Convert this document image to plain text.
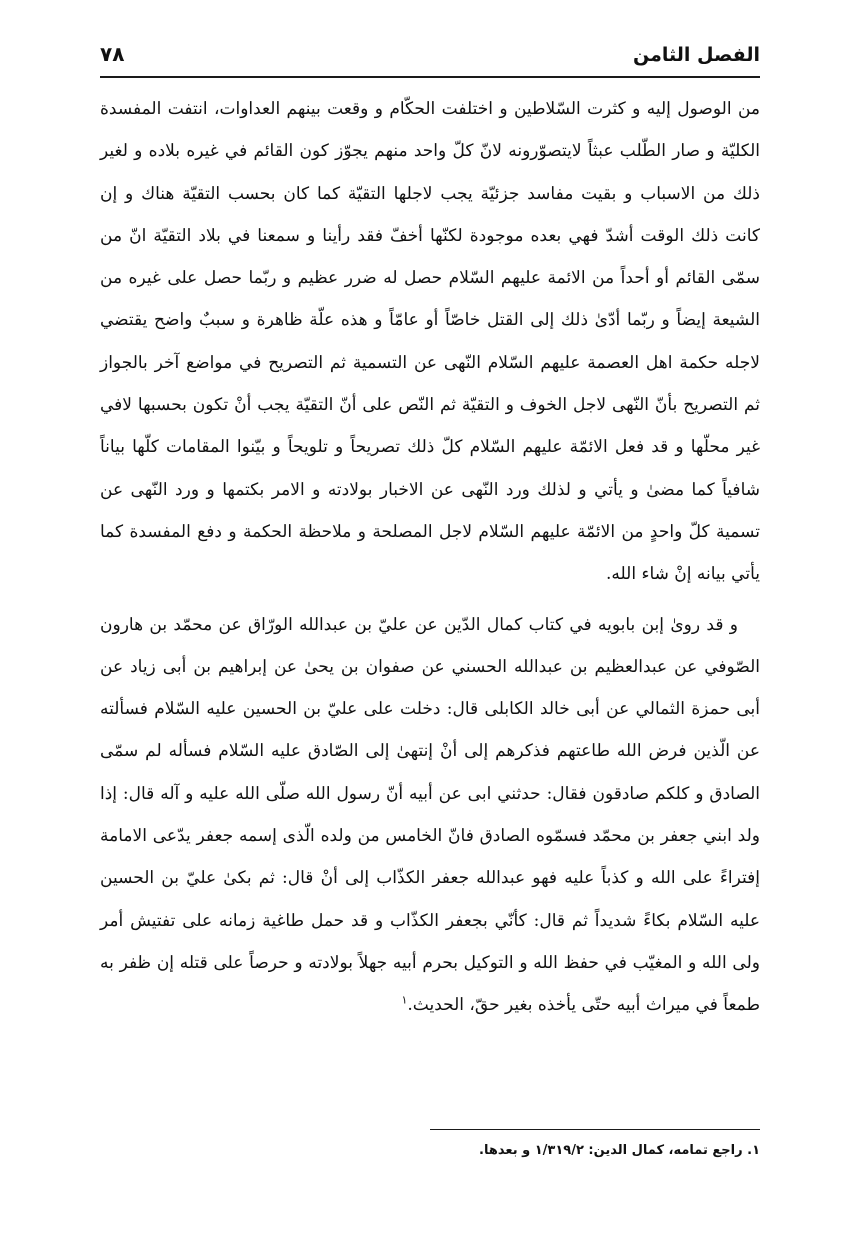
الفصل الثامن
٧٨

من الوصول إليه و كثرت السّلاطين و اختلفت الحكّام و وقعت بينهم العداوات، انتفت المفسدة الكليّة و صار الطّلب عبثاً لايتصوّرونه لانّ كلّ واحد منهم يجوّز كون القائم في غيره بلاده و لغير ذلك من الاسباب و بقيت مفاسد جزئيّة يجب لاجلها التقيّة كما كان بحسب التقيّة هناك و إن كانت ذلك الوقت أشدّ فهي بعده موجودة لكنّها أخفّ فقد رأينا و سمعنا في بلاد التقيّة انّ من سمّى القائم أو أحداً من الائمة عليهم السّلام حصل له ضرر عظيم و ربّما حصل على غيره من الشيعة إيضاً و ربّما أدّىٰ ذلك إلى القتل خاصّاً أو عامّاً و هذه علّة ظاهرة و سببٌ واضح يقتضي لاجله حكمة اهل العصمة عليهم السّلام النّهى عن التسمية ثم التصريح في مواضع آخر بالجواز ثم التصريح بأنّ النّهى لاجل الخوف و التقيّة ثم النّص على أنّ التقيّة يجب أنْ تكون بحسبها لافي غير محلّها و قد فعل الائمّة عليهم السّلام كلّ ذلك تصريحاً و تلويحاً و بيّنوا المقامات كلّها بياناً شافياً كما مضىٰ و يأتي و لذلك ورد النّهى عن الاخبار بولادته و الامر بكتمها و ورد النّهى عن تسمية كلّ واحدٍ من الائمّة عليهم السّلام لاجل المصلحة و ملاحظة الحكمة و دفع المفسدة كما يأتي بيانه إنْ شاء الله.

و قد روىٰ إبن بابويه في كتاب كمال الدّين عن عليّ بن عبدالله الورّاق عن محمّد بن هارون الصّوفي عن عبدالعظيم بن عبدالله الحسني عن صفوان بن يحىٰ عن إبراهيم بن أبى زياد عن أبى حمزة الثمالي عن أبى خالد الكابلى قال: دخلت على عليّ بن الحسين عليه السّلام فسألته عن الّذين فرض الله طاعتهم فذكرهم إلى أنْ إنتهىٰ إلى الصّادق عليه السّلام فسأله لم سمّى الصادق و كلكم صادقون فقال: حدثني ابى عن أبيه أنّ رسول الله صلّى الله عليه و آله قال: إذا ولد ابني جعفر بن محمّد فسمّوه الصادق فانّ الخامس من ولده الّذى إسمه جعفر يدّعى الامامة إفتراءً على الله و كذباً عليه فهو عبدالله جعفر الكذّاب إلى أنْ قال: ثم بكىٰ عليّ بن الحسين عليه السّلام بكاءً شديداً ثم قال: كأنّي بجعفر الكذّاب و قد حمل طاغية زمانه على تفتيش أمر ولى الله و المغيّب في حفظ الله و التوكيل بحرم أبيه جهلاً بولادته و حرصاً على قتله إن ظفر به طمعاً في ميراث أبيه حتّى يأخذه بغير حقّ، الحديث.$^١$

١. راجع تمامه، كمال الدين: ١/٣١٩/٢ و بعدها.
